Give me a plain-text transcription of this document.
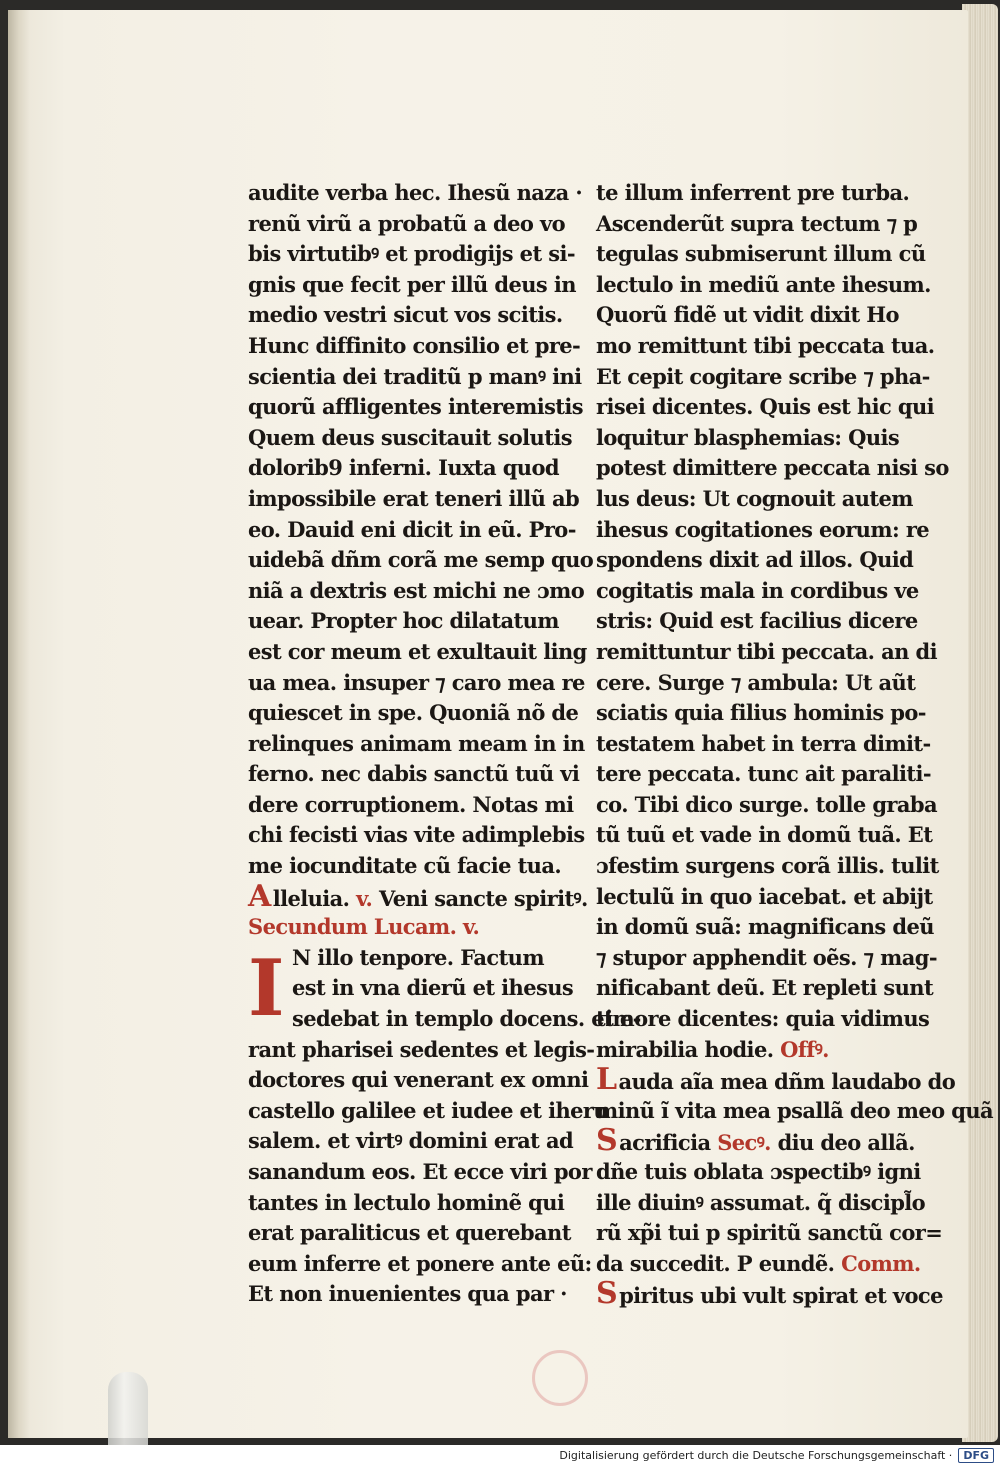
audite verba hec. Ihesũ naza ·
renũ virũ a probatũ a deo vo
bis virtutibꝰ et prodigijs et si-
gnis que fecit per illũ deus in
medio vestri sicut vos scitis.
Hunc diffinito consilio et pre-
scientia dei traditũ p manꝰ ini
quorũ affligentes interemistis
Quem deus suscitauit solutis
dolorib9 inferni. Iuxta quod
impossibile erat teneri illũ ab
eo. Dauid eni dicit in eũ. Pro-
uidebã dñm corã me semp quo
niã a dextris est michi ne ɔmo
uear. Propter hoc dilatatum
est cor meum et exultauit ling
ua mea. insuper ⁊ caro mea re
quiescet in spe. Quoniã nõ de
relinques animam meam in in
ferno. nec dabis sanctũ tuũ vi
dere corruptionem. Notas mi
chi fecisti vias vite adimplebis
me iocunditate cũ facie tua.
Alleluia. v. Veni sancte spiritꝰ.
Secundum Lucam. v.
I N illo tenpore. Factum
est in vna dierũ et ihesus
sedebat in templo docens. et e-
rant pharisei sedentes et legis-
doctores qui venerant ex omni
castello galilee et iudee et iheru
salem. et virtꝰ domini erat ad
sanandum eos. Et ecce viri por
tantes in lectulo hominẽ qui
erat paraliticus et querebant
eum inferre et ponere ante eũ:
Et non inuenientes qua par ·
te illum inferrent pre turba.
Ascenderũt supra tectum ⁊ p
tegulas submiserunt illum cũ
lectulo in mediũ ante ihesum.
Quorũ fidẽ ut vidit dixit Ho
mo remittunt tibi peccata tua.
Et cepit cogitare scribe ⁊ pha-
risei dicentes. Quis est hic qui
loquitur blasphemias: Quis
potest dimittere peccata nisi so
lus deus: Ut cognouit autem
ihesus cogitationes eorum: re
spondens dixit ad illos. Quid
cogitatis mala in cordibus ve
stris: Quid est facilius dicere
remittuntur tibi peccata. an di
cere. Surge ⁊ ambula: Ut aũt
sciatis quia filius hominis po-
testatem habet in terra dimit-
tere peccata. tunc ait paraliti-
co. Tibi dico surge. tolle graba
tũ tuũ et vade in domũ tuã. Et
ɔfestim surgens corã illis. tulit
lectulũ in quo iacebat. et abijt
in domũ suã: magnificans deũ
⁊ stupor apphendit oẽs. ⁊ mag-
nificabant deũ. Et repleti sunt
timore dicentes: quia vidimus
mirabilia hodie. Offꝰ.
Lauda aĩa mea dñm laudabo do
minũ ĩ vita mea psallã deo meo quã
Sacrificia Secꝰ. diu deo allã.
dñe tuis oblata ɔspectibꝰ igni
ille diuinꝰ assumat. q̃ discipl̃o
rũ xp̃i tui p spiritũ sanctũ cor=
da succedit. P eundẽ. Comm.
Spiritus ubi vult spirat et voce
Digitalisierung gefördert durch die Deutsche Forschungsgemeinschaft ·	DFG
